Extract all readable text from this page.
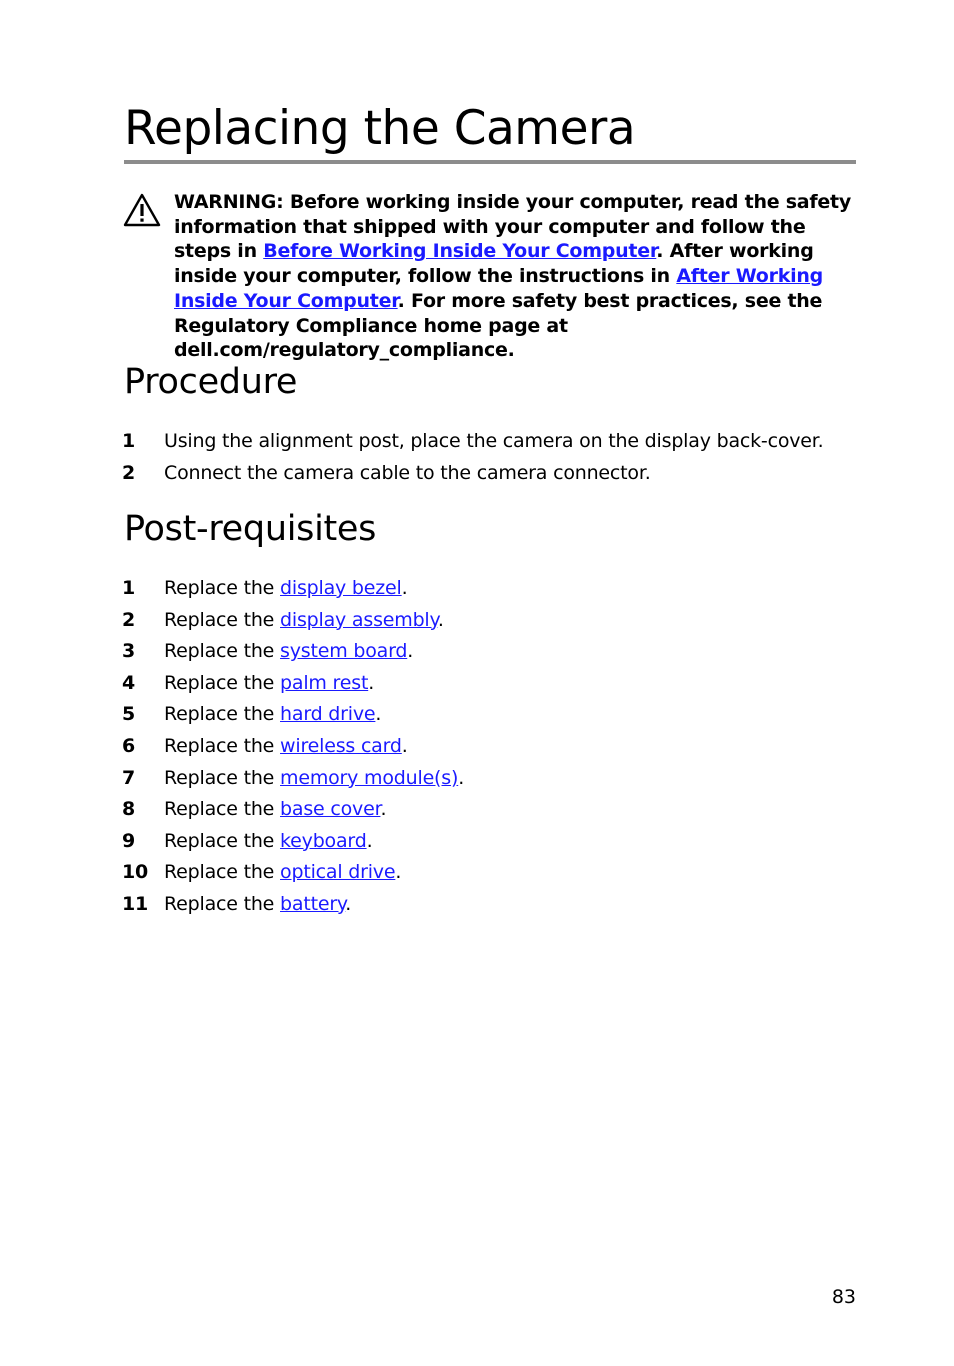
Replacing the Camera
WARNING: Before working inside your computer, read the safety information that shipped with your computer and follow the steps in Before Working Inside Your Computer. After working inside your computer, follow the instructions in After Working Inside Your Computer. For more safety best practices, see the Regulatory Compliance home page at dell.com/regulatory_compliance.
Procedure
1 Using the alignment post, place the camera on the display back-cover.
2 Connect the camera cable to the camera connector.
Post-requisites
1 Replace the display bezel.
2 Replace the display assembly.
3 Replace the system board.
4 Replace the palm rest.
5 Replace the hard drive.
6 Replace the wireless card.
7 Replace the memory module(s).
8 Replace the base cover.
9 Replace the keyboard.
10 Replace the optical drive.
11 Replace the battery.
83
